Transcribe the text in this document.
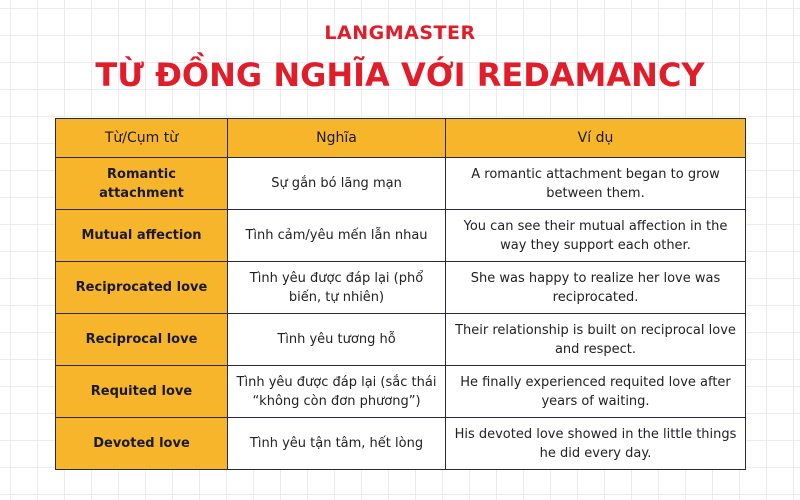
LANGMASTER
TỪ ĐỒNG NGHĨA VỚI REDAMANCY
Từ/Cụm từ	Nghĩa	Ví dụ
Romantic attachment	Sự gắn bó lãng mạn	A romantic attachment began to grow between them.
Mutual affection	Tình cảm/yêu mến lẫn nhau	You can see their mutual affection in the way they support each other.
Reciprocated love	Tình yêu được đáp lại (phổ biến, tự nhiên)	She was happy to realize her love was reciprocated.
Reciprocal love	Tình yêu tương hỗ	Their relationship is built on reciprocal love and respect.
Requited love	Tình yêu được đáp lại (sắc thái “không còn đơn phương”)	He finally experienced requited love after years of waiting.
Devoted love	Tình yêu tận tâm, hết lòng	His devoted love showed in the little things he did every day.
